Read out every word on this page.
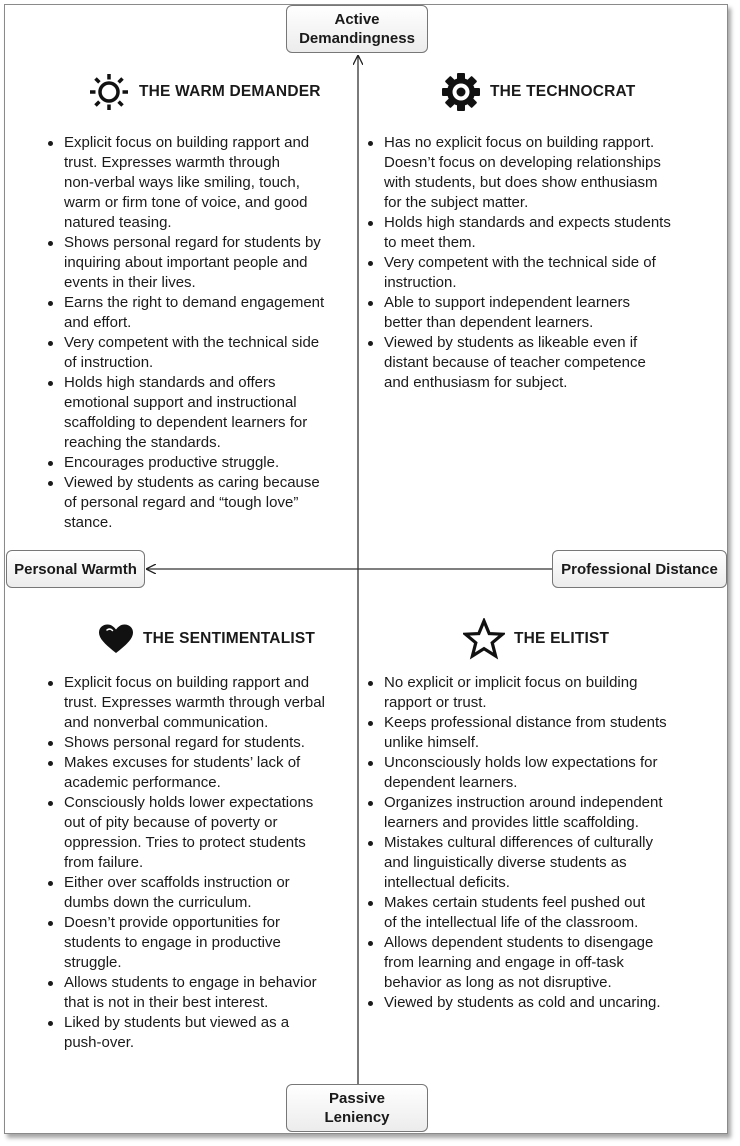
Active
Demandingness
Passive
Leniency
Personal Warmth	Professional Distance
THE WARM DEMANDER	THE TECHNOCRAT
THE SENTIMENTALIST	THE ELITIST
Explicit focus on building rapport and
trust. Expresses warmth through
non-verbal ways like smiling, touch,
warm or firm tone of voice, and good
natured teasing.
Shows personal regard for students by
inquiring about important people and
events in their lives.
Earns the right to demand engagement
and effort.
Very competent with the technical side
of instruction.
Holds high standards and offers
emotional support and instructional
scaffolding to dependent learners for
reaching the standards.
Encourages productive struggle.
Viewed by students as caring because
of personal regard and “tough love”
stance.
Has no explicit focus on building rapport.
Doesn’t focus on developing relationships
with students, but does show enthusiasm
for the subject matter.
Holds high standards and expects students
to meet them.
Very competent with the technical side of
instruction.
Able to support independent learners
better than dependent learners.
Viewed by students as likeable even if
distant because of teacher competence
and enthusiasm for subject.
Explicit focus on building rapport and
trust. Expresses warmth through verbal
and nonverbal communication.
Shows personal regard for students.
Makes excuses for students’ lack of
academic performance.
Consciously holds lower expectations
out of pity because of poverty or
oppression. Tries to protect students
from failure.
Either over scaffolds instruction or
dumbs down the curriculum.
Doesn’t provide opportunities for
students to engage in productive
struggle.
Allows students to engage in behavior
that is not in their best interest.
Liked by students but viewed as a
push-over.
No explicit or implicit focus on building
rapport or trust.
Keeps professional distance from students
unlike himself.
Unconsciously holds low expectations for
dependent learners.
Organizes instruction around independent
learners and provides little scaffolding.
Mistakes cultural differences of culturally
and linguistically diverse students as
intellectual deficits.
Makes certain students feel pushed out
of the intellectual life of the classroom.
Allows dependent students to disengage
from learning and engage in off-task
behavior as long as not disruptive.
Viewed by students as cold and uncaring.
